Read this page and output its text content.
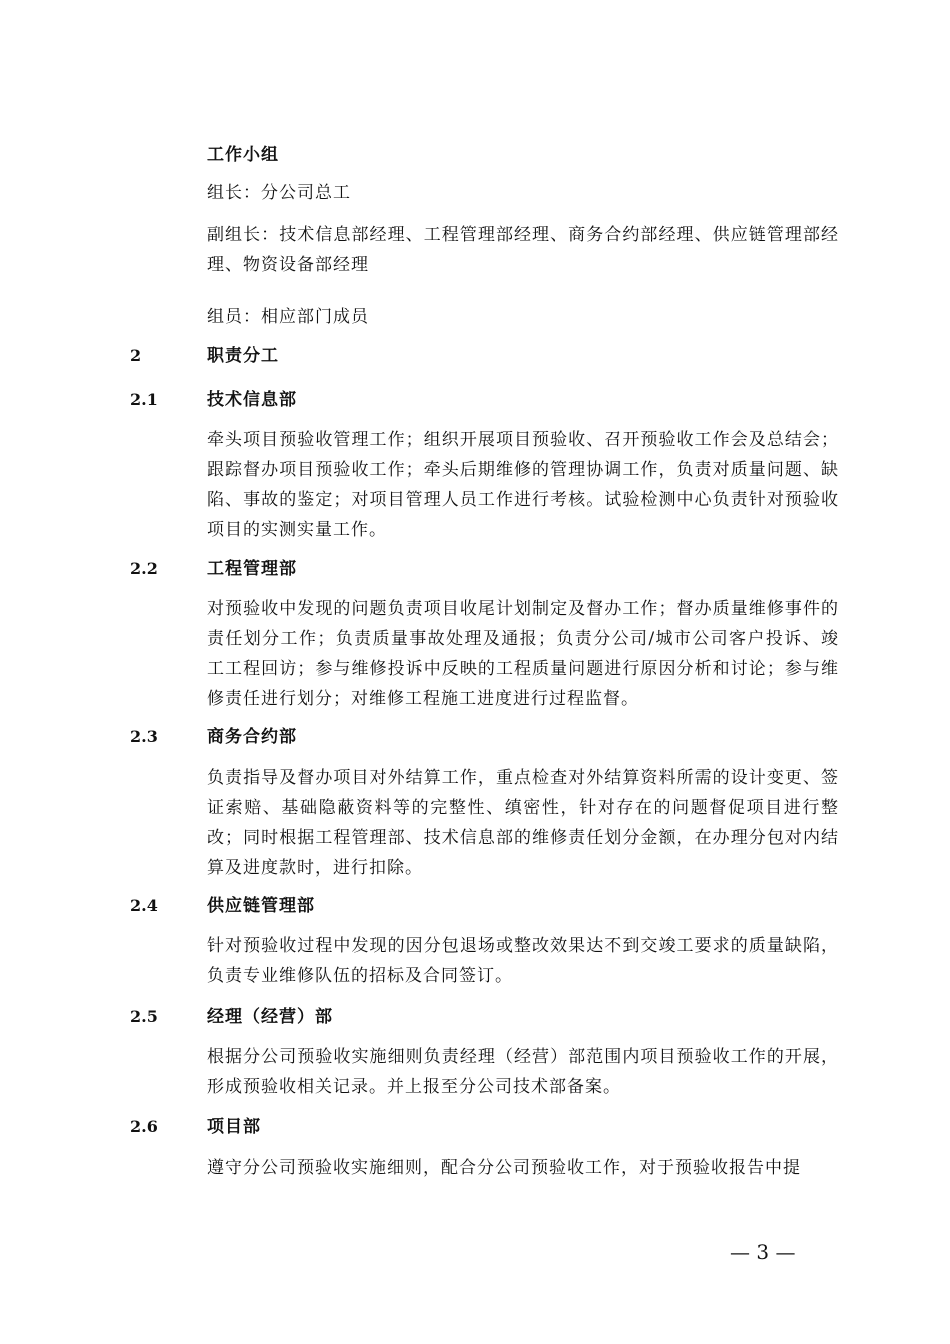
工作小组
组长：分公司总工
副组长：技术信息部经理、工程管理部经理、商务合约部经理、供应链管理部经理、物资设备部经理
组员：相应部门成员
2	职责分工
2.1	技术信息部
牵头项目预验收管理工作；组织开展项目预验收、召开预验收工作会及总结会；跟踪督办项目预验收工作；牵头后期维修的管理协调工作，负责对质量问题、缺陷、事故的鉴定；对项目管理人员工作进行考核。试验检测中心负责针对预验收项目的实测实量工作。
2.2	工程管理部
对预验收中发现的问题负责项目收尾计划制定及督办工作；督办质量维修事件的责任划分工作；负责质量事故处理及通报；负责分公司/城市公司客户投诉、竣工工程回访；参与维修投诉中反映的工程质量问题进行原因分析和讨论；参与维修责任进行划分；对维修工程施工进度进行过程监督。
2.3	商务合约部
负责指导及督办项目对外结算工作，重点检查对外结算资料所需的设计变更、签证索赔、基础隐蔽资料等的完整性、缜密性，针对存在的问题督促项目进行整改；同时根据工程管理部、技术信息部的维修责任划分金额，在办理分包对内结算及进度款时，进行扣除。
2.4	供应链管理部
针对预验收过程中发现的因分包退场或整改效果达不到交竣工要求的质量缺陷，负责专业维修队伍的招标及合同签订。
2.5	经理（经营）部
根据分公司预验收实施细则负责经理（经营）部范围内项目预验收工作的开展，形成预验收相关记录。并上报至分公司技术部备案。
2.6	项目部
遵守分公司预验收实施细则，配合分公司预验收工作，对于预验收报告中提
— 3 —
